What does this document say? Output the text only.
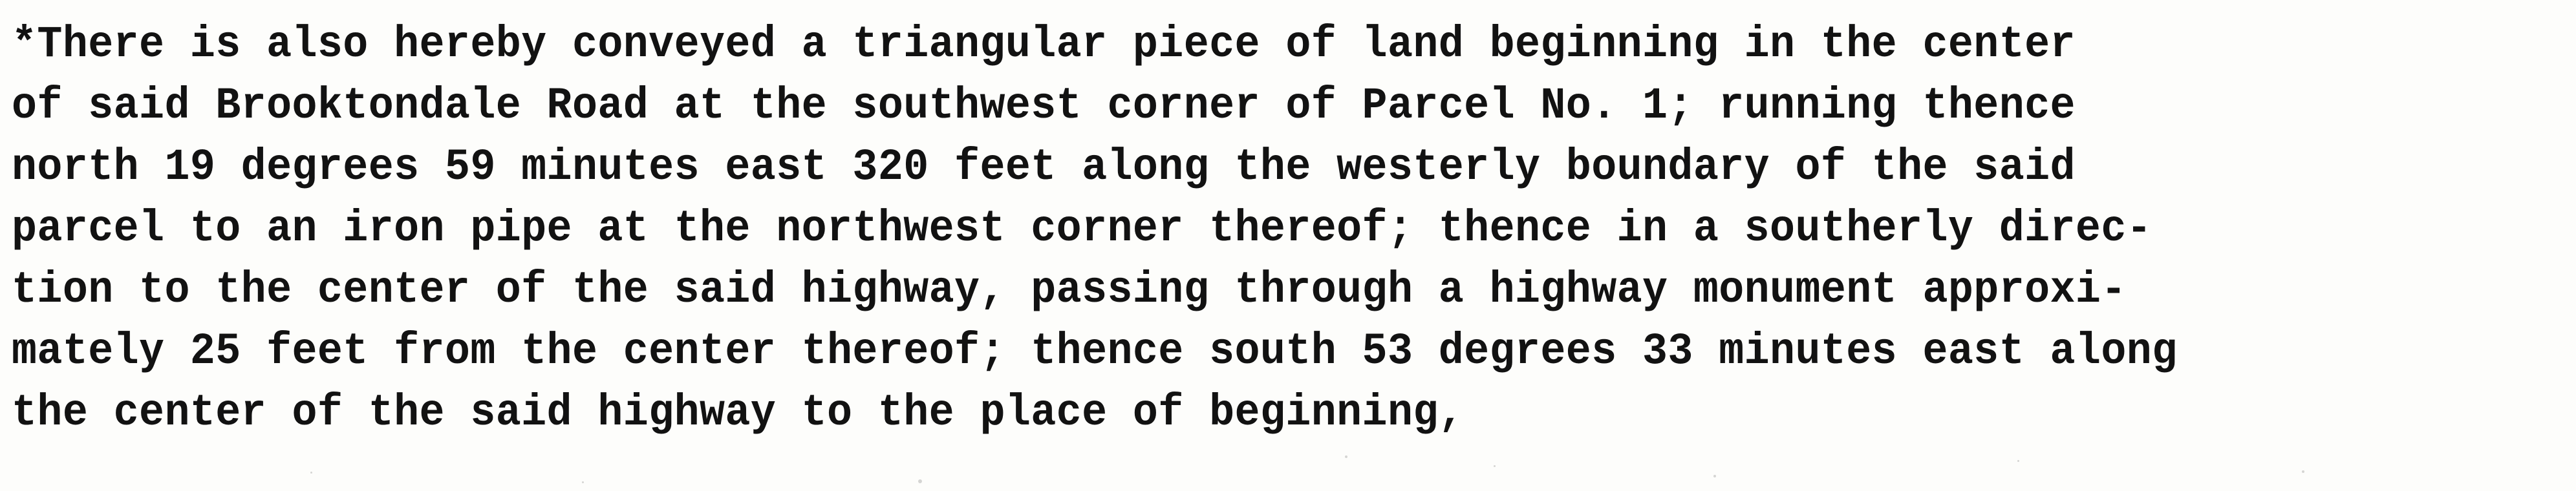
*There is also hereby conveyed a triangular piece of land beginning in the center
of said Brooktondale Road at the southwest corner of Parcel No. 1; running thence
north 19 degrees 59 minutes east 320 feet along the westerly boundary of the said
parcel to an iron pipe at the northwest corner thereof; thence in a southerly direc-
tion to the center of the said highway, passing through a highway monument approxi-
mately 25 feet from the center thereof; thence south 53 degrees 33 minutes east along
the center of the said highway to the place of beginning,
